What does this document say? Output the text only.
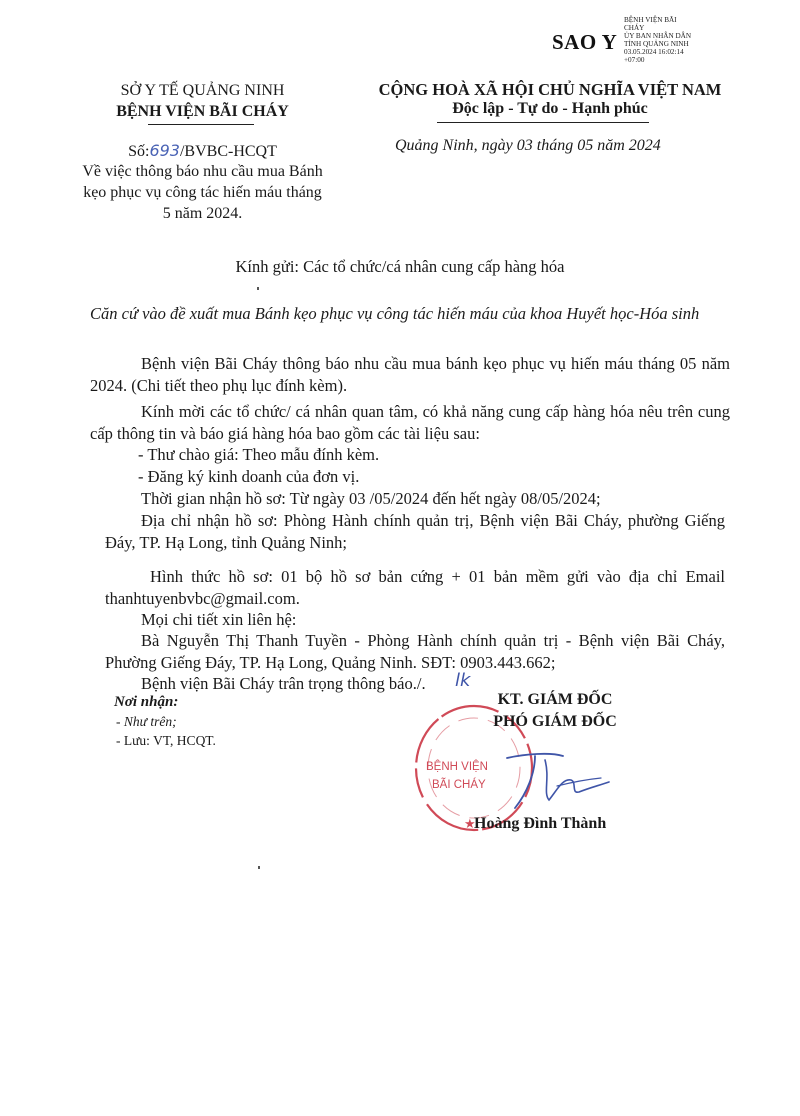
SAO Y
BỆNH VIỆN BÃI
CHÁY
ỦY BAN NHÂN DÂN
TỈNH QUẢNG NINH
03.05.2024 16:02:14
+07:00
SỞ Y TẾ QUẢNG NINH
BỆNH VIỆN BÃI CHÁY
CỘNG HOÀ XÃ HỘI CHỦ NGHĨA VIỆT NAM
Độc lập - Tự do - Hạnh phúc
Số:693/BVBC-HCQT
Về việc thông báo nhu cầu mua Bánh kẹo phục vụ công tác hiến máu tháng 5 năm 2024.
Quảng Ninh, ngày 03 tháng 05 năm 2024
Kính gửi: Các tổ chức/cá nhân cung cấp hàng hóa
Căn cứ vào đề xuất mua Bánh kẹo phục vụ công tác hiến máu của khoa Huyết học-Hóa sinh
Bệnh viện Bãi Cháy thông báo nhu cầu mua bánh kẹo phục vụ hiến máu tháng 05 năm 2024. (Chi tiết theo phụ lục đính kèm).
Kính mời các tổ chức/ cá nhân quan tâm, có khả năng cung cấp hàng hóa nêu trên cung cấp thông tin và báo giá hàng hóa bao gồm các tài liệu sau:
- Thư chào giá: Theo mẫu đính kèm.
- Đăng ký kinh doanh của đơn vị.
Thời gian nhận hồ sơ: Từ ngày 03 /05/2024 đến hết ngày 08/05/2024;
Địa chỉ nhận hồ sơ: Phòng Hành chính quản trị, Bệnh viện Bãi Cháy, phường Giếng Đáy, TP. Hạ Long, tỉnh Quảng Ninh;
Hình thức hồ sơ: 01 bộ hồ sơ bản cứng + 01 bản mềm gửi vào địa chỉ Email thanhtuyenbvbc@gmail.com.
Mọi chi tiết xin liên hệ:
Bà Nguyễn Thị Thanh Tuyền - Phòng Hành chính quản trị - Bệnh viện Bãi Cháy, Phường Giếng Đáy, TP. Hạ Long, Quảng Ninh. SĐT: 0903.443.662;
Bệnh viện Bãi Cháy trân trọng thông báo./. lk
Nơi nhận:
- Như trên;
- Lưu: VT, HCQT.
BỆNH VIỆN
BÃI CHÁY
★
KT. GIÁM ĐỐC
PHÓ GIÁM ĐỐC
Hoàng Đình Thành
